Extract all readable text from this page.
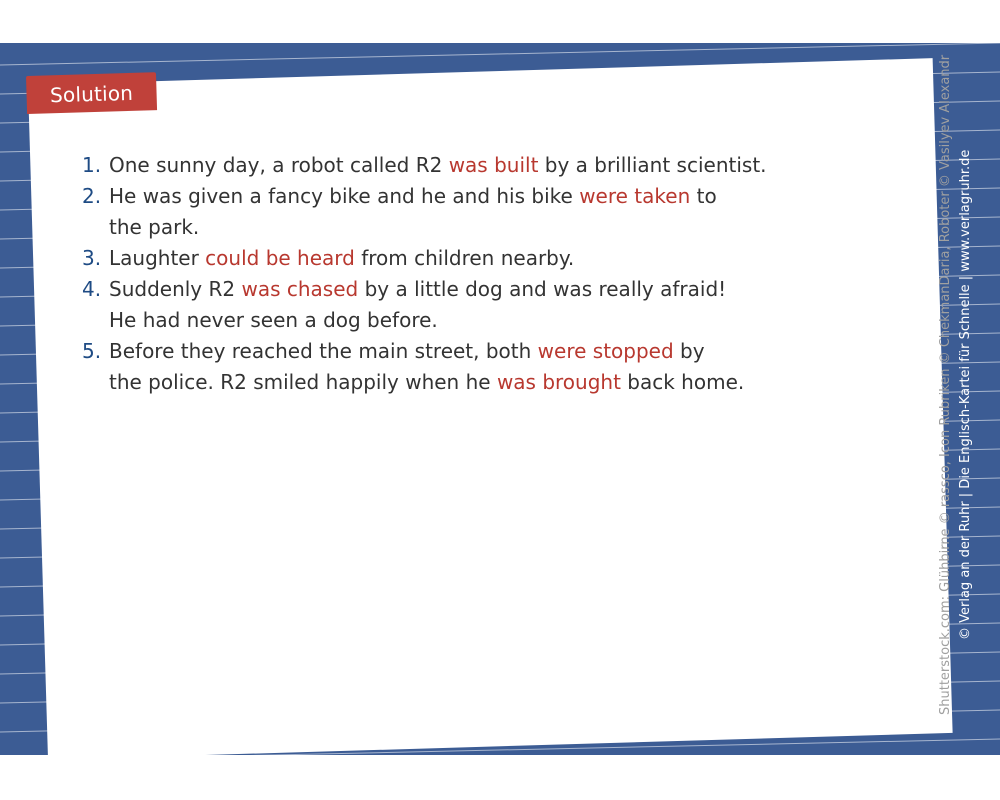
Solution
1. One sunny day, a robot called R2 was built by a brilliant scientist.
2. He was given a fancy bike and he and his bike were taken to
the park.
3. Laughter could be heard from children nearby.
4. Suddenly R2 was chased by a little dog and was really afraid!
He had never seen a dog before.
5. Before they reached the main street, both were stopped by
the police. R2 smiled happily when he was brought back home.	Shutterstock.com: Glühbirne © rassco, Icon Rubriken © ChekmanDaria, Roboter © Vasilyev Alexandr © Verlag an der Ruhr | Die Englisch-Kartei für Schnelle | www.verlagruhr.de
